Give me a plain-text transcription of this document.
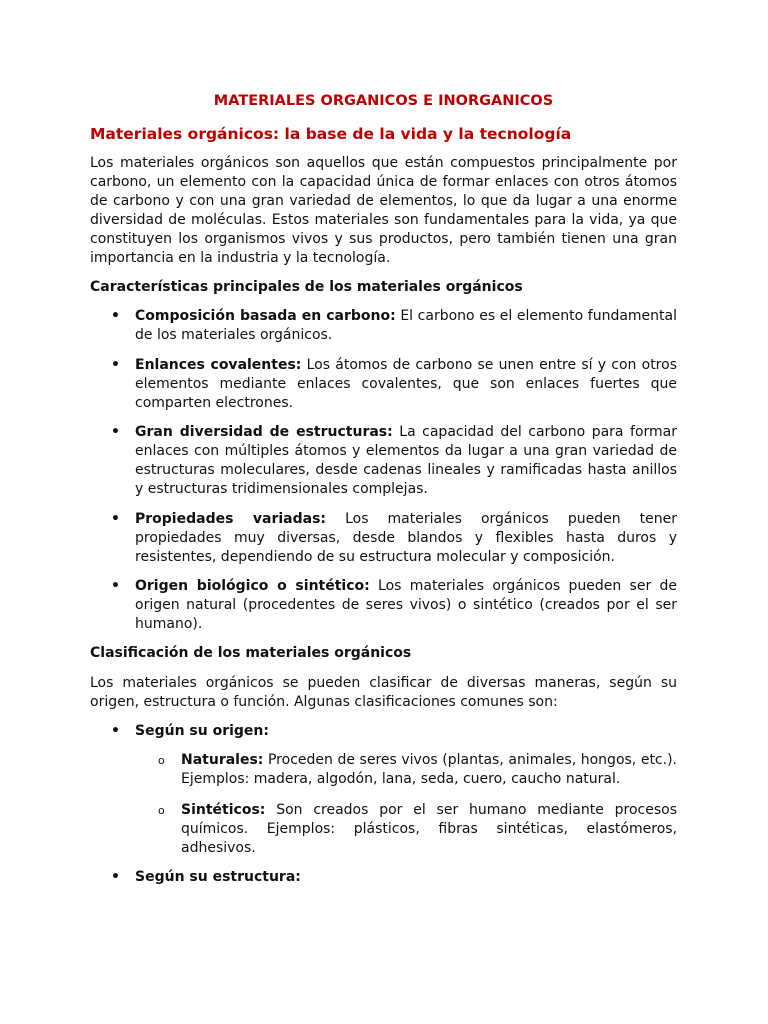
MATERIALES ORGANICOS E INORGANICOS
Materiales orgánicos: la base de la vida y la tecnología

Los materiales orgánicos son aquellos que están compuestos principalmente por carbono, un elemento con la capacidad única de formar enlaces con otros átomos de carbono y con una gran variedad de elementos, lo que da lugar a una enorme diversidad de moléculas. Estos materiales son fundamentales para la vida, ya que constituyen los organismos vivos y sus productos, pero también tienen una gran importancia en la industria y la tecnología.

Características principales de los materiales orgánicos

• Composición basada en carbono: El carbono es el elemento fundamental de los materiales orgánicos.
• Enlances covalentes: Los átomos de carbono se unen entre sí y con otros elementos mediante enlaces covalentes, que son enlaces fuertes que comparten electrones.
• Gran diversidad de estructuras: La capacidad del carbono para formar enlaces con múltiples átomos y elementos da lugar a una gran variedad de estructuras moleculares, desde cadenas lineales y ramificadas hasta anillos y estructuras tridimensionales complejas.
• Propiedades variadas: Los materiales orgánicos pueden tener propiedades muy diversas, desde blandos y flexibles hasta duros y resistentes, dependiendo de su estructura molecular y composición.
• Origen biológico o sintético: Los materiales orgánicos pueden ser de origen natural (procedentes de seres vivos) o sintético (creados por el ser humano).

Clasificación de los materiales orgánicos

Los materiales orgánicos se pueden clasificar de diversas maneras, según su origen, estructura o función. Algunas clasificaciones comunes son:

• Según su origen:
o Naturales: Proceden de seres vivos (plantas, animales, hongos, etc.). Ejemplos: madera, algodón, lana, seda, cuero, caucho natural.
o Sintéticos: Son creados por el ser humano mediante procesos químicos. Ejemplos: plásticos, fibras sintéticas, elastómeros, adhesivos.
• Según su estructura:
